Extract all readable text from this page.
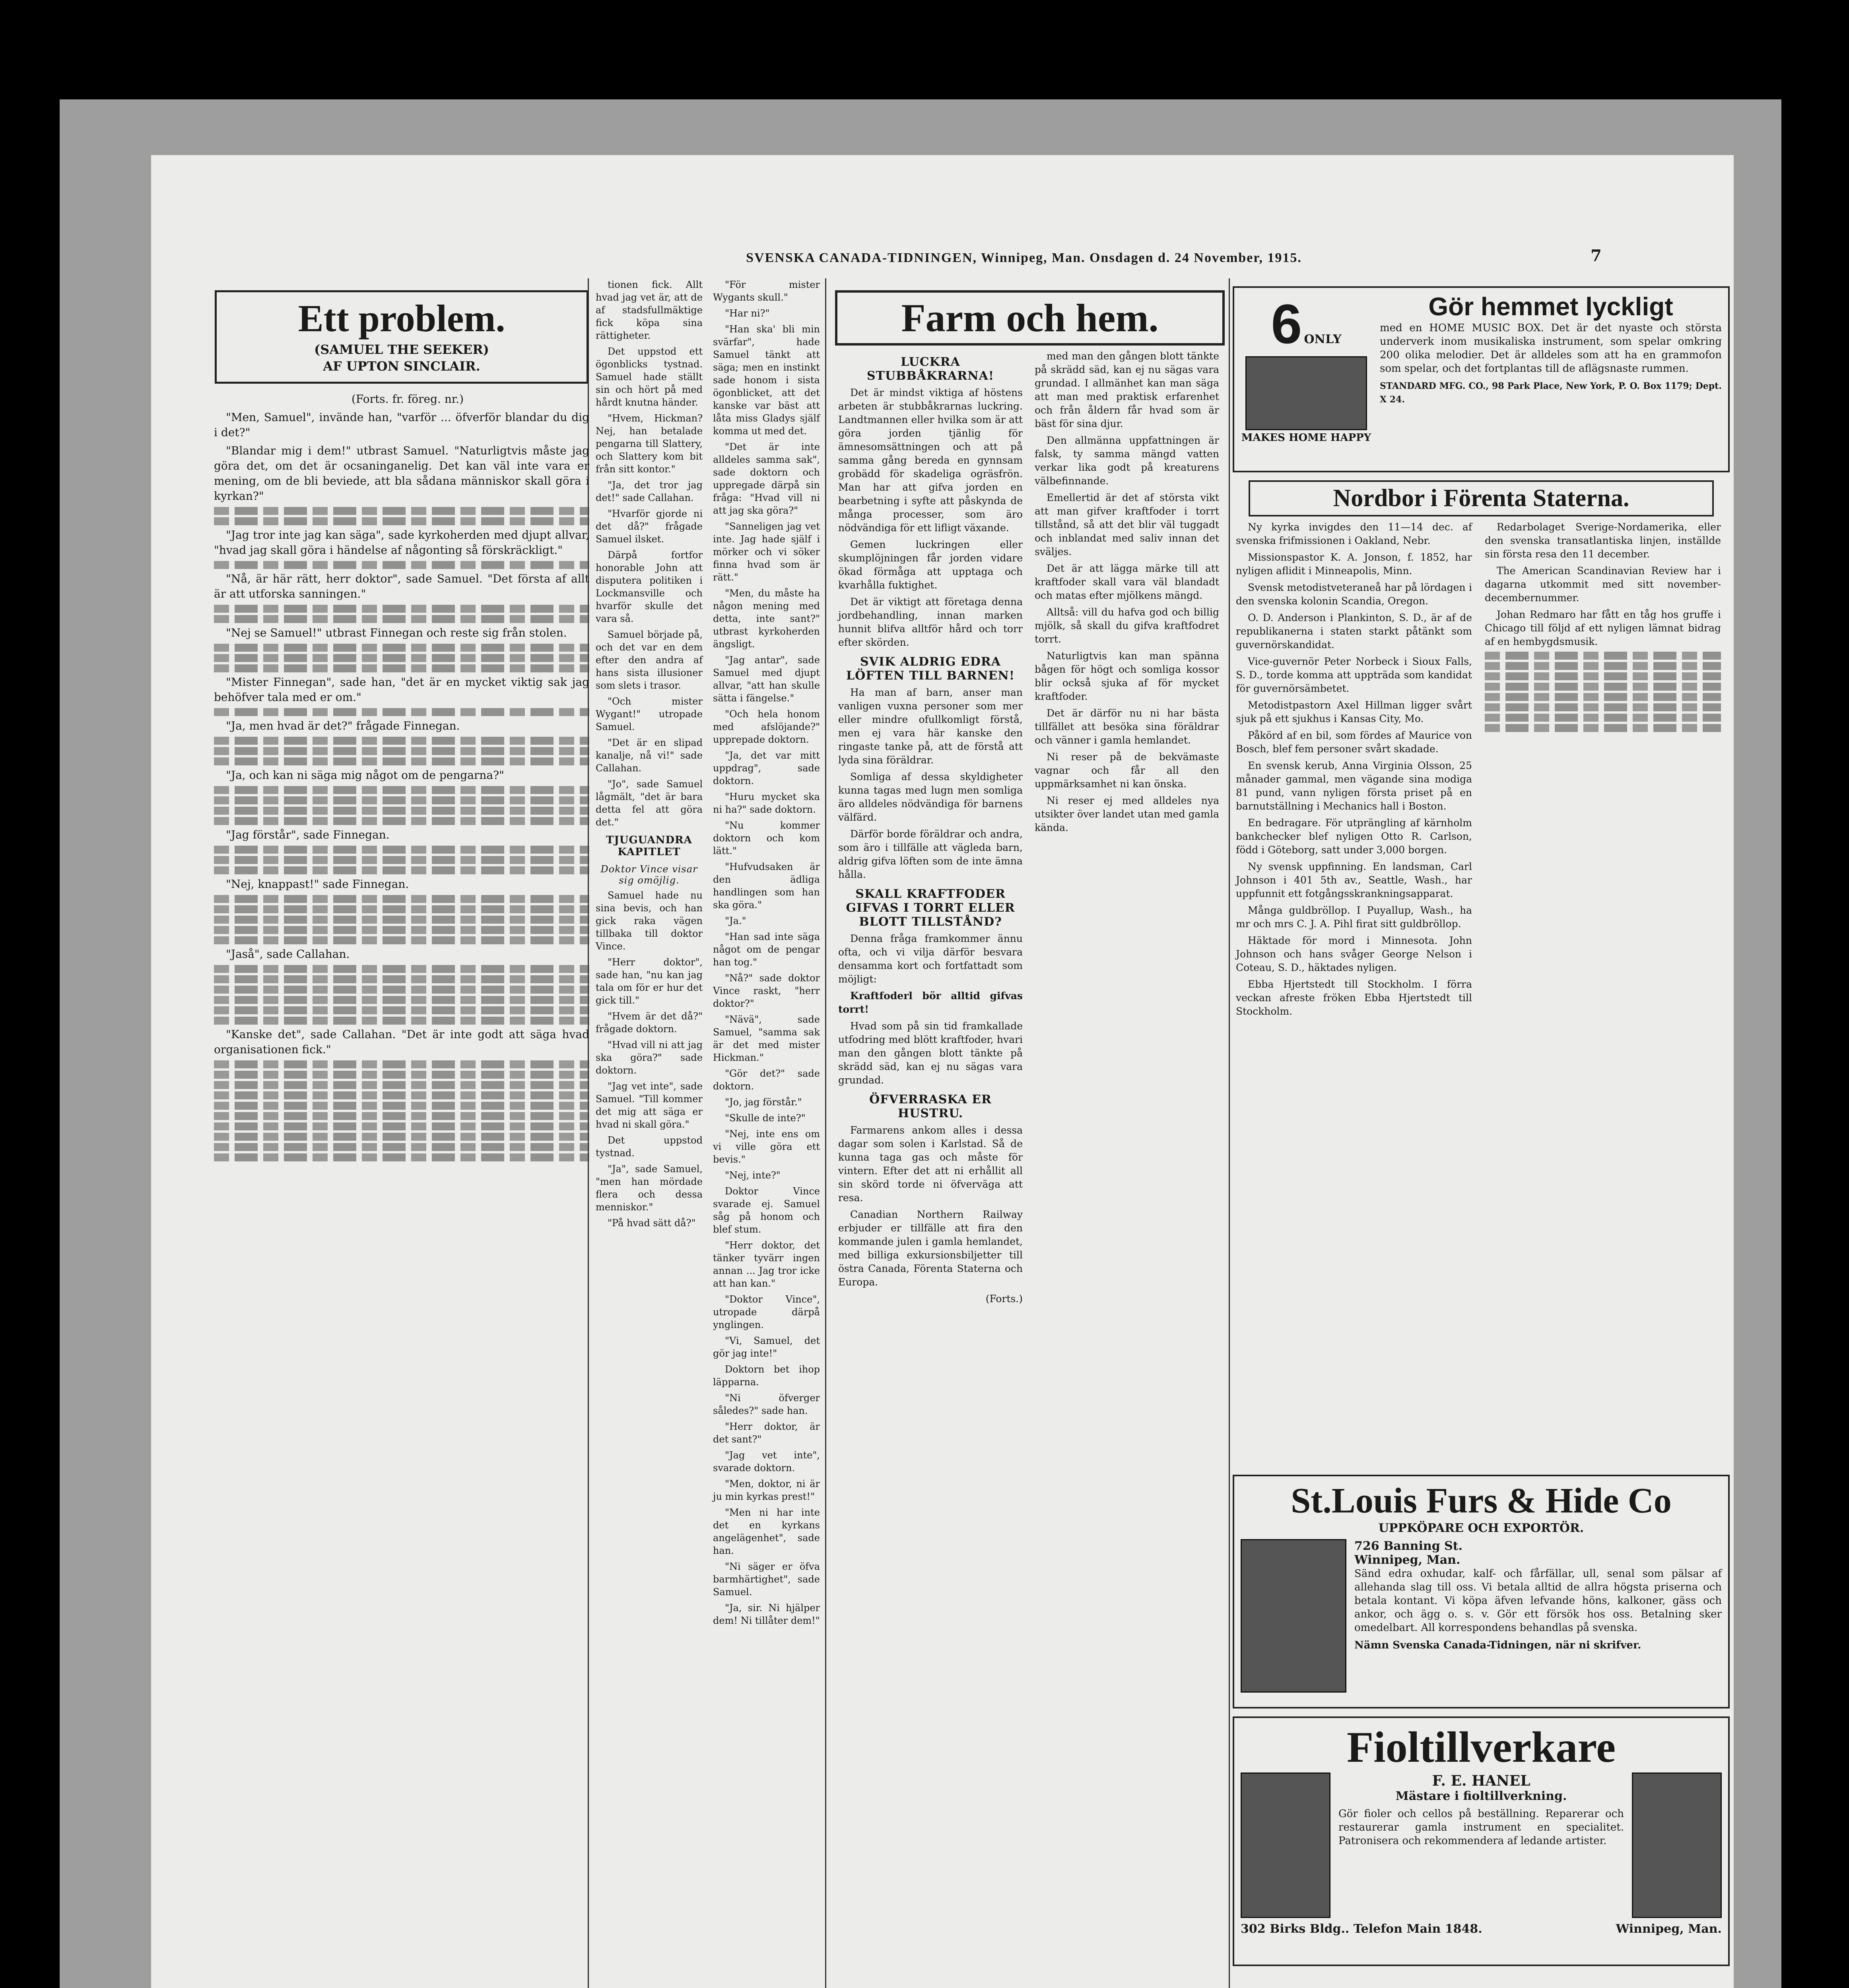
SVENSKA CANADA-TIDNINGEN, Winnipeg, Man. Onsdagen d. 24 November, 1915.	7
Ett problem.
(SAMUEL THE SEEKER)
AF UPTON SINCLAIR.

(Forts. fr. föreg. nr.)

"Men, Samuel", invände han, "varför ... öfverför blandar du dig i det?"

"Blandar mig i dem!" utbrast Samuel. "Naturligtvis måste jag göra det, om det är ocsaninganelig. Det kan väl inte vara er mening, om de bli beviede, att bla sådana människor skall göra i kyrkan?"

"Jag tror inte jag kan säga", sade kyrkoherden med djupt allvar, "hvad jag skall göra i händelse af någonting så förskräckligt."

"Nå, är här rätt, herr doktor", sade Samuel. "Det första af allt är att utforska sanningen."

"Nej se Samuel!" utbrast Finnegan och reste sig från stolen.

"Mister Finnegan", sade han, "det är en mycket viktig sak jag behöfver tala med er om."

"Ja, men hvad är det?" frågade Finnegan.

"Ja, och kan ni säga mig något om de pengarna?"

"Jag förstår", sade Finnegan.

"Nej, knappast!" sade Finnegan.

"Jaså", sade Callahan.

"Kanske det", sade Callahan. "Det är inte godt att säga hvad organisationen fick."

tionen fick. Allt hvad jag vet är, att de af stadsfullmäktige fick köpa sina rättigheter.

Det uppstod ett ögonblicks tystnad. Samuel hade ställt sin och hört på med hårdt knutna händer.

"Hvem, Hickman? Nej, han betalade pengarna till Slattery, och Slattery kom bit från sitt kontor."

"Ja, det tror jag det!" sade Callahan.

"Hvarför gjorde ni det då?" frågade Samuel ilsket.

Därpå fortfor honorable John att disputera politiken i Lockmansville och hvarför skulle det vara så.

Samuel började på, och det var en dem efter den andra af hans sista illusioner som slets i trasor.

"Och mister Wygant!" utropade Samuel.

"Det är en slipad kanalje, nå vi!" sade Callahan.

"Jo", sade Samuel lågmält, "det är bara detta fel att göra det."

TJUGUANDRA KAPITLET
Doktor Vince visar sig omöjlig.

Samuel hade nu sina bevis, och han gick raka vägen tillbaka till doktor Vince.

"Herr doktor", sade han, "nu kan jag tala om för er hur det gick till."

"Hvem är det då?" frågade doktorn.

"Hvad vill ni att jag ska göra?" sade doktorn.

"Jag vet inte", sade Samuel. "Till kommer det mig att säga er hvad ni skall göra."

Det uppstod tystnad.

"Ja", sade Samuel, "men han mördade flera och dessa menniskor."

"På hvad sätt då?"

"För mister Wygants skull."

"Har ni?"

"Han ska' bli min svärfar", hade Samuel tänkt att säga; men en instinkt sade honom i sista ögonblicket, att det kanske var bäst att låta miss Gladys själf komma ut med det.

"Det är inte alldeles samma sak", sade doktorn och uppregade därpå sin fråga: "Hvad vill ni att jag ska göra?"

"Sanneligen jag vet inte. Jag hade själf i mörker och vi söker finna hvad som är rätt."

"Men, du måste ha någon mening med detta, inte sant?" utbrast kyrkoherden ängsligt.

"Jag antar", sade Samuel med djupt allvar, "att han skulle sätta i fängelse."

"Och hela honom med afslöjande?" upprepade doktorn.

"Ja, det var mitt uppdrag", sade doktorn.

"Huru mycket ska ni ha?" sade doktorn.

"Nu kommer doktorn och kom lätt."

"Hufvudsaken är den ädliga handlingen som han ska göra."

"Ja."

"Han sad inte säga något om de pengar han tog."

"Nå?" sade doktor Vince raskt, "herr doktor?"

"Nävä", sade Samuel, "samma sak är det med mister Hickman."

"Gör det?" sade doktorn.

"Jo, jag förstår."

"Skulle de inte?"

"Nej, inte ens om vi ville göra ett bevis."

"Nej, inte?"

Doktor Vince svarade ej. Samuel såg på honom och blef stum.

"Herr doktor, det tänker tyvärr ingen annan ... Jag tror icke att han kan."

"Doktor Vince", utropade därpå ynglingen.

"Vi, Samuel, det gör jag inte!"

Doktorn bet ihop läpparna.

"Ni öfverger således?" sade han.

"Herr doktor, är det sant?"

"Jag vet inte", svarade doktorn.

"Men, doktor, ni är ju min kyrkas prest!"

"Men ni har inte det en kyrkans angelägenhet", sade han.

"Ni säger er öfva barmhärtighet", sade Samuel.

"Ja, sir. Ni hjälper dem! Ni tillåter dem!"

Farm och hem.
LUCKRA STUBBÅKRARNA!

Det är mindst viktiga af höstens arbeten är stubbåkrarnas luckring. Landtmannen eller hvilka som är att göra jorden tjänlig för ämnesomsättningen och att på samma gång bereda en gynnsam grobädd för skadeliga ogräsfrön. Man har att gifva jorden en bearbetning i syfte att påskynda de många processer, som äro nödvändiga för ett lifligt växande.

Gemen luckringen eller skumplöjningen får jorden vidare ökad förmåga att upptaga och kvarhålla fuktighet.

Det är viktigt att företaga denna jordbehandling, innan marken hunnit blifva alltför hård och torr efter skörden.

SVIK ALDRIG EDRA LÖFTEN TILL BARNEN!

Ha man af barn, anser man vanligen vuxna personer som mer eller mindre ofullkomligt förstå, men ej vara här kanske den ringaste tanke på, att de förstå att lyda sina föräldrar.

Somliga af dessa skyldigheter kunna tagas med lugn men somliga äro alldeles nödvändiga för barnens välfärd.

Därför borde föräldrar och andra, som äro i tillfälle att vägleda barn, aldrig gifva löften som de inte ämna hålla.

SKALL KRAFTFODER GIFVAS I TORRT ELLER BLOTT TILLSTÅND?

Denna fråga framkommer ännu ofta, och vi vilja därför besvara densamma kort och fortfattadt som möjligt:

Kraftfoderl bör alltid gifvas torrt!

Hvad som på sin tid framkallade utfodring med blött kraftfoder, hvari man den gången blott tänkte på skrädd säd, kan ej nu sägas vara grundad.

ÖFVERRASKA ER HUSTRU.

Farmarens ankom alles i dessa dagar som solen i Karlstad. Så de kunna taga gas och måste för vintern. Efter det att ni erhållit all sin skörd torde ni öfverväga att resa.

Canadian Northern Railway erbjuder er tillfälle att fira den kommande julen i gamla hemlandet, med billiga exkursionsbiljetter till östra Canada, Förenta Staterna och Europa.

(Forts.)

med man den gången blott tänkte på skrädd säd, kan ej nu sägas vara grundad. I allmänhet kan man säga att man med praktisk erfarenhet och från åldern får hvad som är bäst för sina djur.

Den allmänna uppfattningen är falsk, ty samma mängd vatten verkar lika godt på kreaturens välbefinnande.

Emellertid är det af största vikt att man gifver kraftfoder i torrt tillstånd, så att det blir väl tuggadt och inblandat med saliv innan det sväljes.

Det är att lägga märke till att kraftfoder skall vara väl blandadt och matas efter mjölkens mängd.

Alltså: vill du hafva god och billig mjölk, så skall du gifva kraftfodret torrt.

Naturligtvis kan man spänna bågen för högt och somliga kossor blir också sjuka af för mycket kraftfoder.

Det är därför nu ni har bästa tillfället att besöka sina föräldrar och vänner i gamla hemlandet.

Ni reser på de bekvämaste vagnar och får all den uppmärksamhet ni kan önska.

Ni reser ej med alldeles nya utsikter över landet utan med gamla kända.

6 ONLY
MAKES HOME HAPPY
Gör hemmet lyckligt
med en HOME MUSIC BOX. Det är det nyaste och största underverk inom musikaliska instrument, som spelar omkring 200 olika melodier. Det är alldeles som att ha en grammofon som spelar, och det fortplantas till de aflägsnaste rummen.
STANDARD MFG. CO., 98 Park Place, New York, P. O. Box 1179; Dept. X 24.
Nordbor i Förenta Staterna.

Ny kyrka invigdes den 11—14 dec. af svenska frifmissionen i Oakland, Nebr.

Missionspastor K. A. Jonson, f. 1852, har nyligen aflidit i Minneapolis, Minn.

Svensk metodistveteraneå har på lördagen i den svenska kolonin Scandia, Oregon.

O. D. Anderson i Plankinton, S. D., är af de republikanerna i staten starkt påtänkt som guvernörskandidat.

Vice-guvernör Peter Norbeck i Sioux Falls, S. D., torde komma att uppträda som kandidat för guvernörsämbetet.

Metodistpastorn Axel Hillman ligger svårt sjuk på ett sjukhus i Kansas City, Mo.

Påkörd af en bil, som fördes af Maurice von Bosch, blef fem personer svårt skadade.

En svensk kerub, Anna Virginia Olsson, 25 månader gammal, men vägande sina modiga 81 pund, vann nyligen första priset på en barnutställning i Mechanics hall i Boston.

En bedragare. För utprängling af kärnholm bankchecker blef nyligen Otto R. Carlson, född i Göteborg, satt under 3,000 borgen.

Ny svensk uppfinning. En landsman, Carl Johnson i 401 5th av., Seattle, Wash., har uppfunnit ett fotgångsskrankningsapparat.

Många guldbröllop. I Puyallup, Wash., ha mr och mrs C. J. A. Pihl firat sitt guldbröllop.

Häktade för mord i Minnesota. John Johnson och hans svåger George Nelson i Coteau, S. D., häktades nyligen.

Ebba Hjertstedt till Stockholm. I förra veckan afreste fröken Ebba Hjertstedt till Stockholm.

Redarbolaget Sverige-Nordamerika, eller den svenska transatlantiska linjen, inställde sin första resa den 11 december.

The American Scandinavian Review har i dagarna utkommit med sitt november-decembernummer.

Johan Redmaro har fått en tåg hos gruffe i Chicago till följd af ett nyligen lämnat bidrag af en hembygdsmusik.

St.Louis Furs & Hide Co
UPPKÖPARE OCH EXPORTÖR.
726 Banning St.
Winnipeg, Man.
Sänd edra oxhudar, kalf- och fårfällar, ull, senal som pälsar af allehanda slag till oss. Vi betala alltid de allra högsta priserna och betala kontant. Vi köpa äfven lefvande höns, kalkoner, gäss och ankor, och ägg o. s. v. Gör ett försök hos oss. Betalning sker omedelbart. All korrespondens behandlas på svenska.
Nämn Svenska Canada-Tidningen, när ni skrifver.
Fioltillverkare
F. E. HANEL
Mästare i fioltillverkning.
Gör fioler och cellos på beställning. Reparerar och restaurerar gamla instrument en specialitet. Patronisera och rekommendera af ledande artister.
302 Birks Bldg.. Telefon Main 1848.	Winnipeg, Man.
